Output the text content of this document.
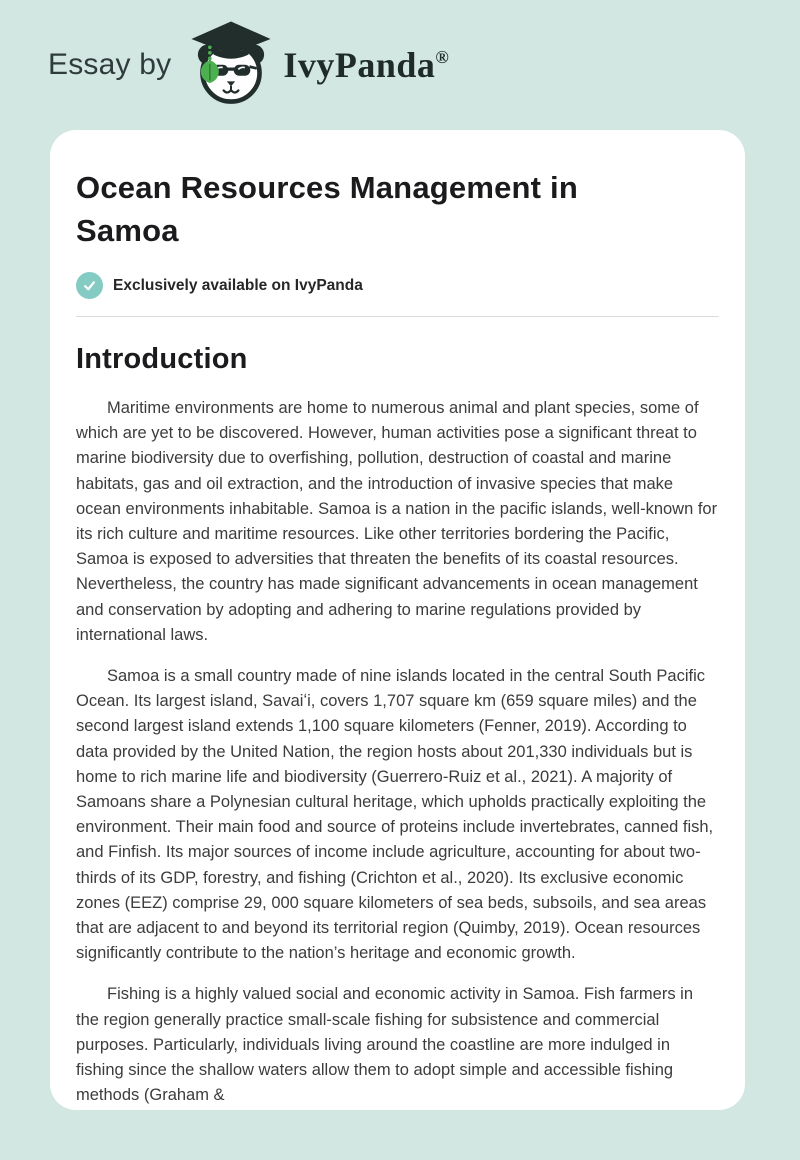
Essay by	IvyPanda®
Ocean Resources Management in Samoa
Exclusively available on IvyPanda
Introduction

Maritime environments are home to numerous animal and plant species, some of which are yet to be discovered. However, human activities pose a significant threat to marine biodiversity due to overfishing, pollution, destruction of coastal and marine habitats, gas and oil extraction, and the introduction of invasive species that make ocean environments inhabitable. Samoa is a nation in the pacific islands, well-known for its rich culture and maritime resources. Like other territories bordering the Pacific, Samoa is exposed to adversities that threaten the benefits of its coastal resources. Nevertheless, the country has made significant advancements in ocean management and conservation by adopting and adhering to marine regulations provided by international laws.

Samoa is a small country made of nine islands located in the central South Pacific Ocean. Its largest island, Savaiʻi, covers 1,707 square km (659 square miles) and the second largest island extends 1,100 square kilometers (Fenner, 2019). According to data provided by the United Nation, the region hosts about 201,330 individuals but is home to rich marine life and biodiversity (Guerrero-Ruiz et al., 2021). A majority of Samoans share a Polynesian cultural heritage, which upholds practically exploiting the environment. Their main food and source of proteins include invertebrates, canned fish, and Finfish. Its major sources of income include agriculture, accounting for about two-thirds of its GDP, forestry, and fishing (Crichton et al., 2020). Its exclusive economic zones (EEZ) comprise 29, 000 square kilometers of sea beds, subsoils, and sea areas that are adjacent to and beyond its territorial region (Quimby, 2019). Ocean resources significantly contribute to the nation’s heritage and economic growth.

Fishing is a highly valued social and economic activity in Samoa. Fish farmers in the region generally practice small-scale fishing for subsistence and commercial purposes. Particularly, individuals living around the coastline are more indulged in fishing since the shallow waters allow them to adopt simple and accessible fishing methods (Graham &
